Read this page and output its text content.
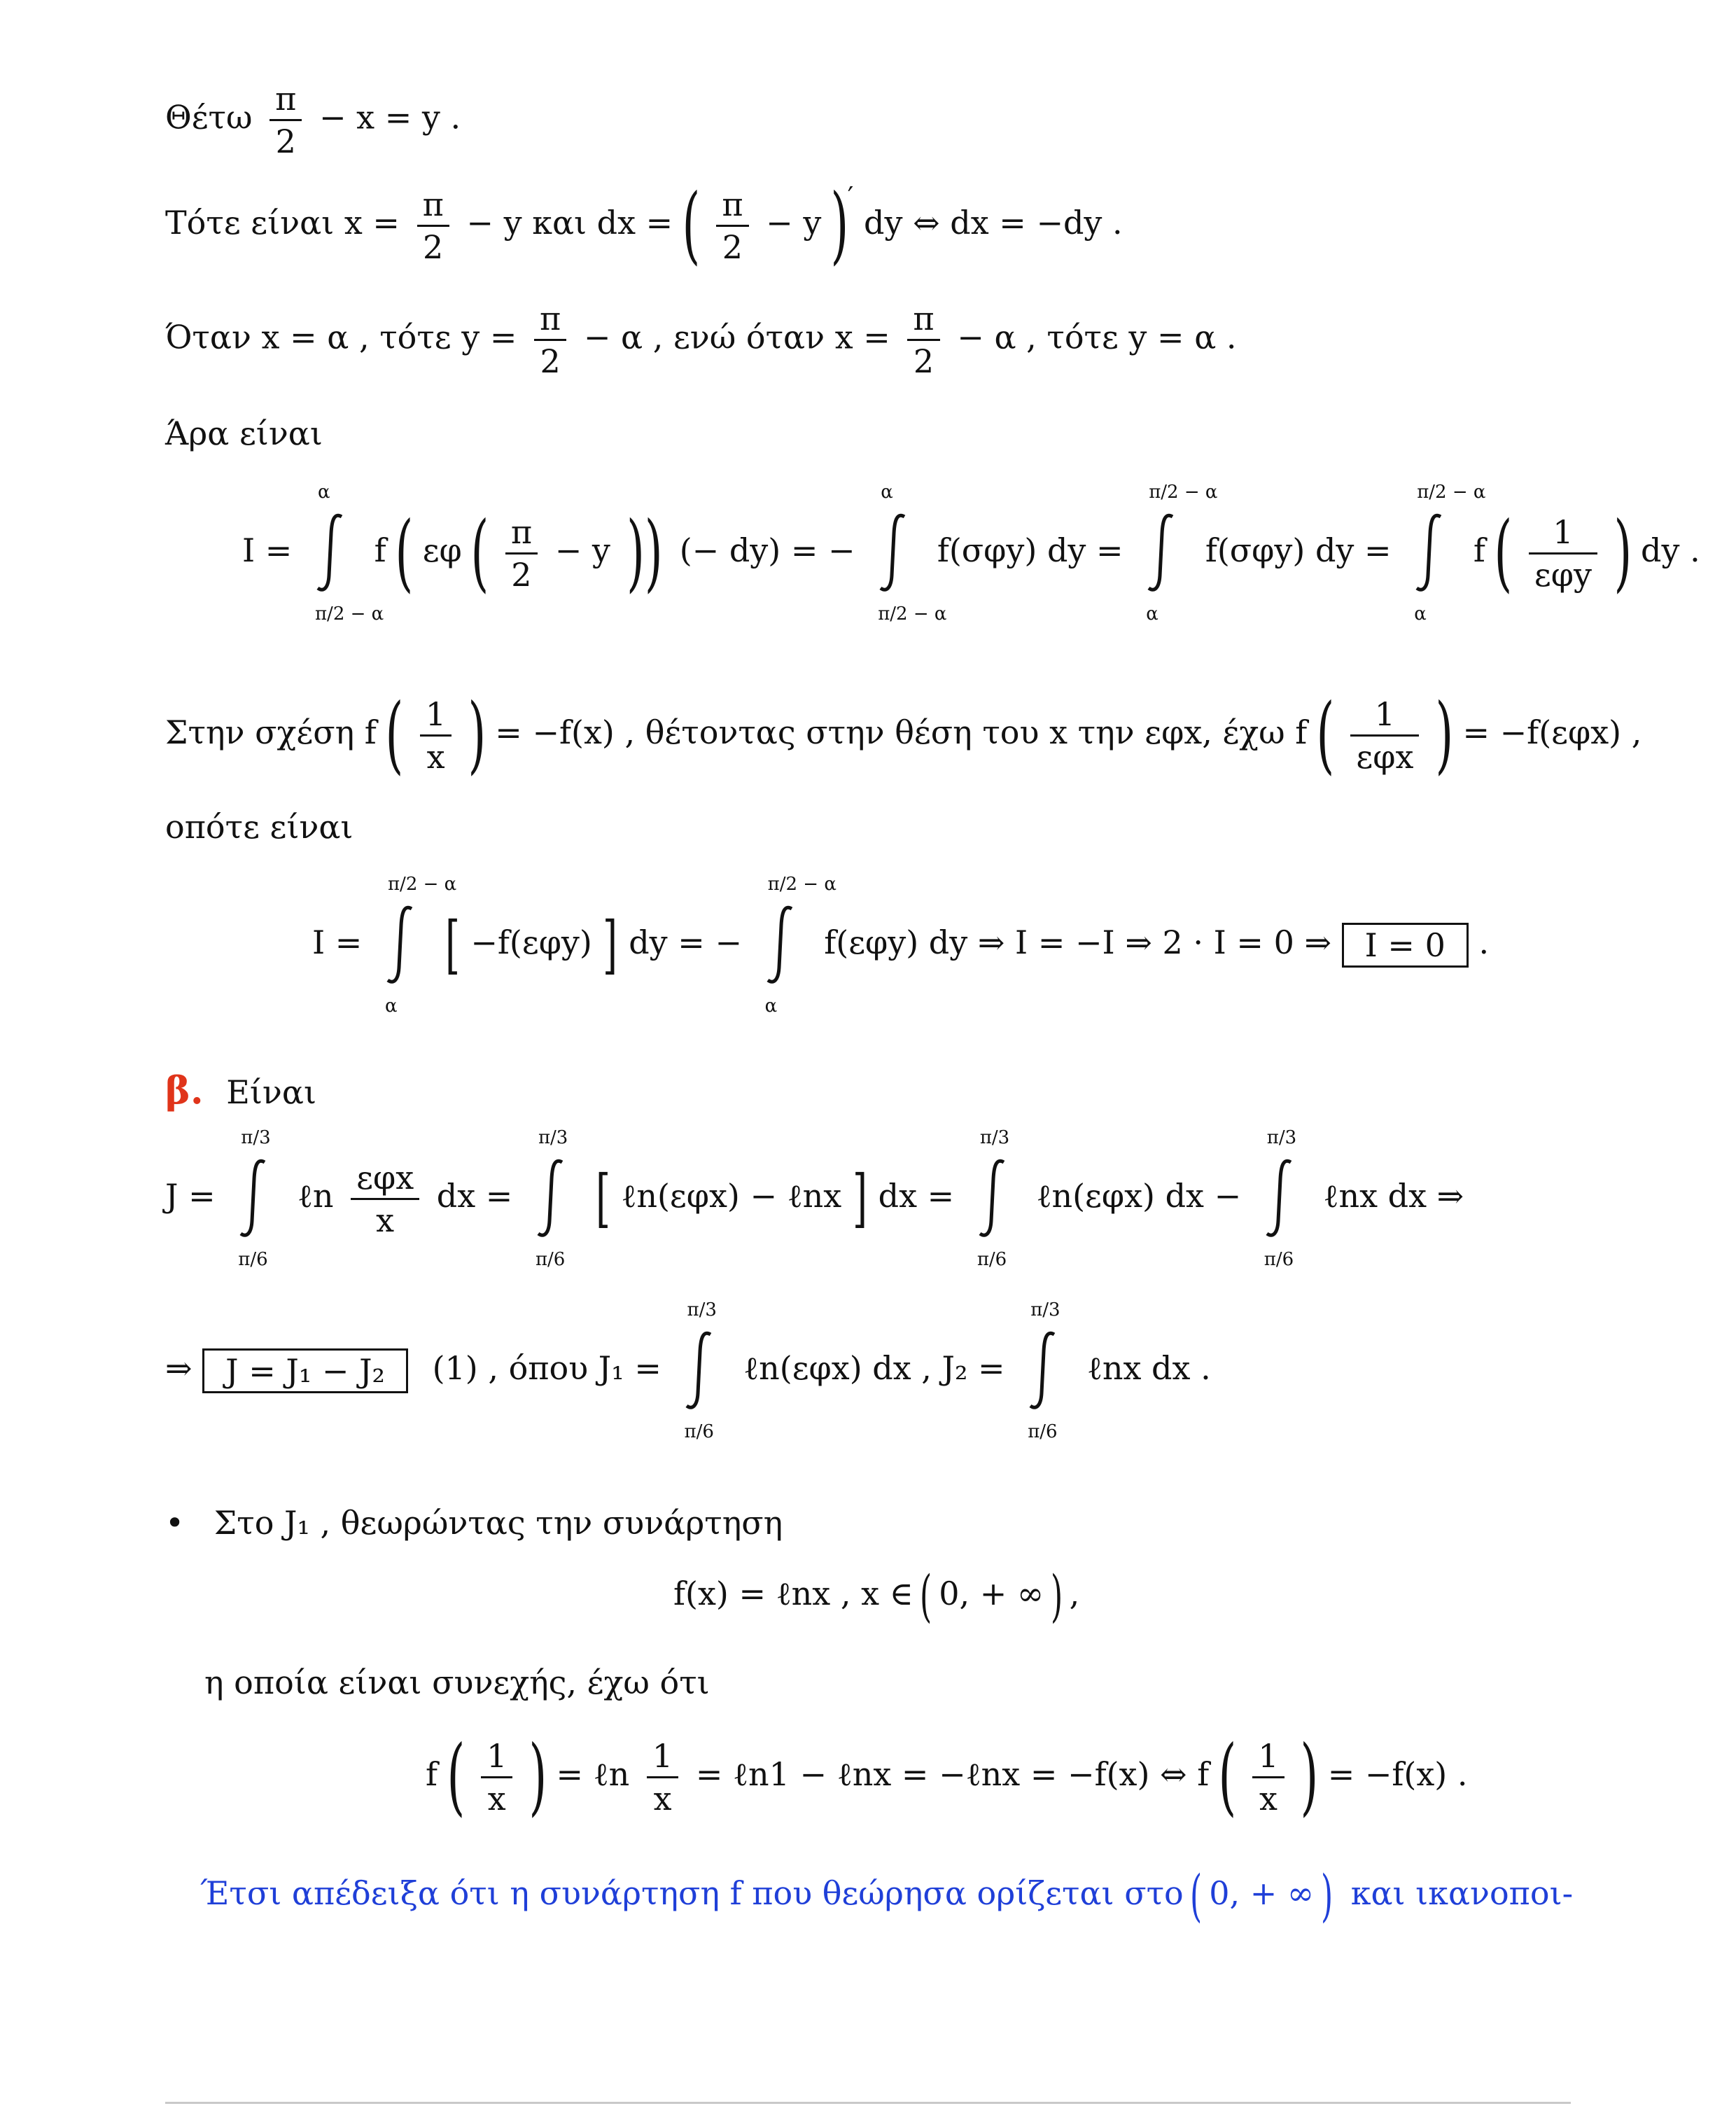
Θέτω $\frac{\pi}{2} - x = y$ .
Τότε είναι $x = \frac{\pi}{2} - y$ και dx = ( $\frac{\pi}{2} - y$ )′ dy ⇔ dx = −dy .
Όταν x = α , τότε $y = \frac{\pi}{2} - \alpha$ , ενώ όταν $x = \frac{\pi}{2} - \alpha$ , τότε y = α .
Άρα είναι
I =
α
π/2 − α
f ( εφ ( $\frac{\pi}{2} - y$ )) (− dy) = −
α
π/2 − α
f(σφy) dy =
π/2 − α
α
f(σφy) dy =
π/2 − α
α
f ( $\frac{1}{\text{εφy}}$ ) dy .
Στην σχέση f ( $\frac{1}{x}$ ) = −f(x) , θέτοντας στην θέση του x την εφx, έχω f ( $\frac{1}{\text{εφx}}$ ) = −f(εφx) ,
οπότε είναι
I =
π/2 − α
α
[ −f(εφy) ] dy = −
π/2 − α
α
f(εφy) dy ⇒ I = −I ⇒ 2 · I = 0 ⇒ I = 0 .
β. Είναι
J =
π/3
π/6
ℓn $\frac{\text{εφx}}{x}$ dx =
π/3
π/6
[ ℓn(εφx) − ℓnx ] dx =
π/3
π/6
ℓn(εφx) dx −
π/3
π/6
ℓnx dx ⇒
⇒ J = J₁ − J₂ (1) , όπου J₁ =
π/3
π/6
ℓn(εφx) dx , J₂ =
π/3
π/6
ℓnx dx .
• Στο J₁ , θεωρώντας την συνάρτηση
f(x) = ℓnx , x ∈ ( 0, + ∞ ) ,
η οποία είναι συνεχής, έχω ότι
f ( $\frac{1}{x}$ ) = ℓn $\frac{1}{x}$ = ℓn1 − ℓnx = −ℓnx = −f(x) ⇔ f ( $\frac{1}{x}$ ) = −f(x) .
Έτσι απέδειξα ότι η συνάρτηση f που θεώρησα ορίζεται στο ( 0, + ∞ ) και ικανοποι-
